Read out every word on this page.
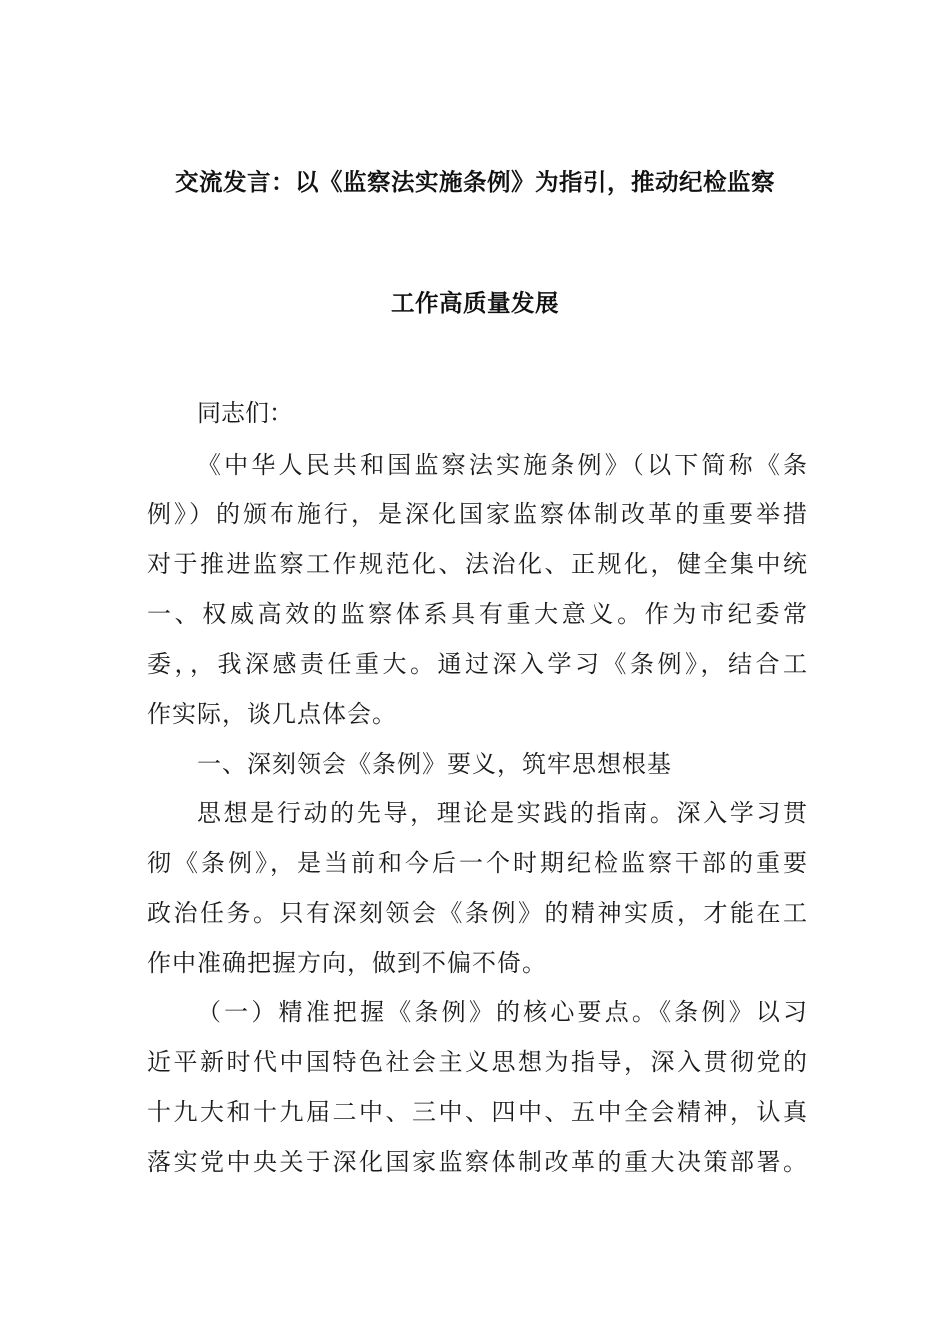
交流发言：以《监察法实施条例》为指引，推动纪检监察
工作高质量发展
同志们：
《中华人民共和国监察法实施条例》（以下简称《条
例》）的颁布施行，是深化国家监察体制改革的重要举措
对于推进监察工作规范化、法治化、正规化，健全集中统
一、权威高效的监察体系具有重大意义。作为市纪委常
委，，我深感责任重大。通过深入学习《条例》，结合工
作实际，谈几点体会。
一、深刻领会《条例》要义，筑牢思想根基
思想是行动的先导，理论是实践的指南。深入学习贯
彻《条例》，是当前和今后一个时期纪检监察干部的重要
政治任务。只有深刻领会《条例》的精神实质，才能在工
作中准确把握方向，做到不偏不倚。
（一）精准把握《条例》的核心要点。《条例》以习
近平新时代中国特色社会主义思想为指导，深入贯彻党的
十九大和十九届二中、三中、四中、五中全会精神，认真
落实党中央关于深化国家监察体制改革的重大决策部署。
